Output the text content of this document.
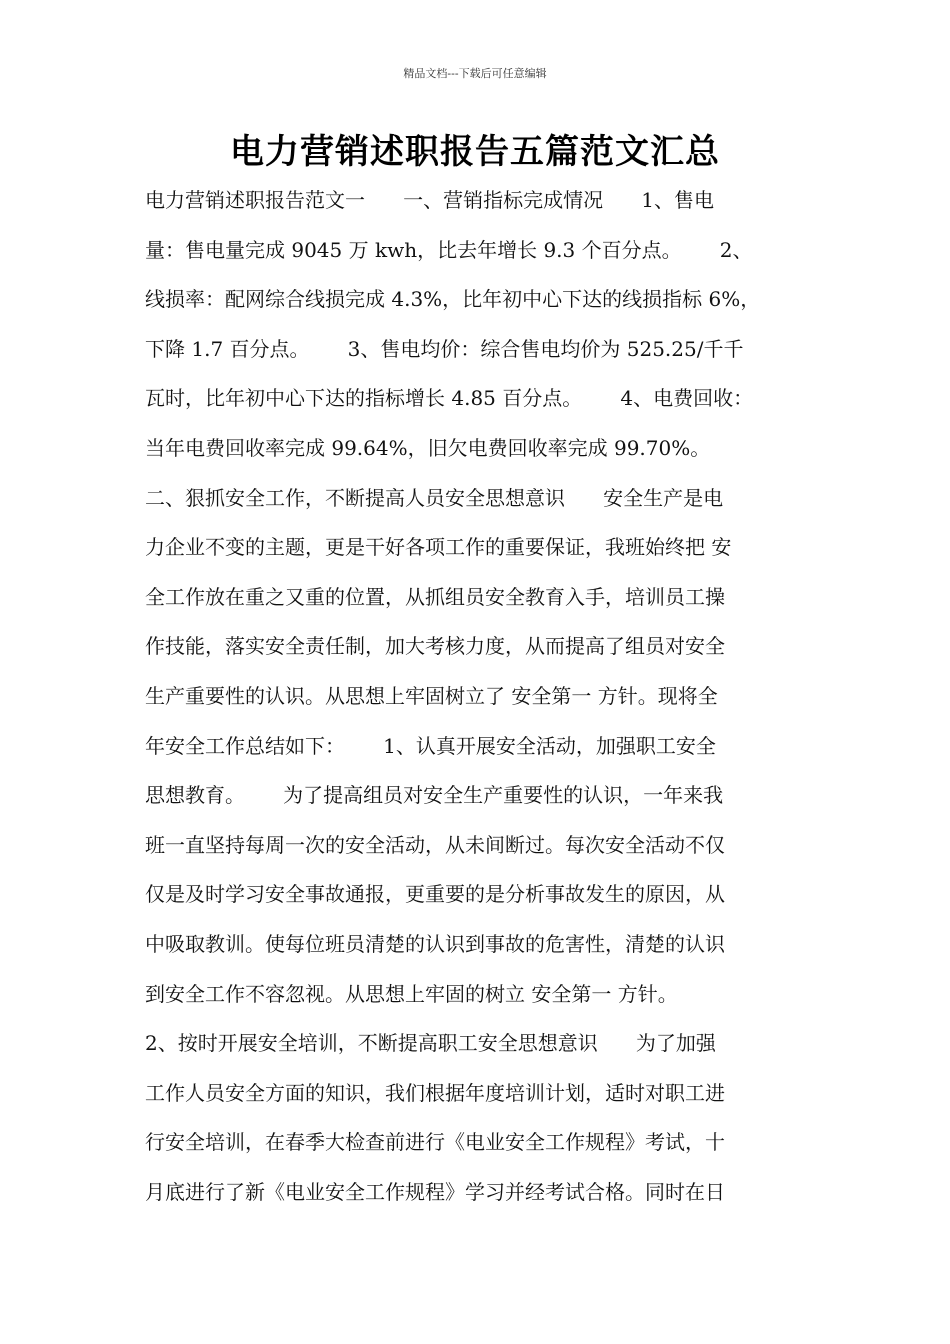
精品文档---下载后可任意编辑
电力营销述职报告五篇范文汇总
电力营销述职报告范文一      一、营销指标完成情况      1、售电
量：售电量完成 9045 万 kwh，比去年增长 9.3 个百分点。      2、
线损率：配网综合线损完成 4.3%，比年初中心下达的线损指标 6%，
下降 1.7 百分点。      3、售电均价：综合售电均价为 525.25/千千
瓦时，比年初中心下达的指标增长 4.85 百分点。      4、电费回收：
当年电费回收率完成 99.64%，旧欠电费回收率完成 99.70%。
二、狠抓安全工作，不断提高人员安全思想意识      安全生产是电
力企业不变的主题，更是干好各项工作的重要保证，我班始终把 安
全工作放在重之又重的位置，从抓组员安全教育入手，培训员工操
作技能，落实安全责任制，加大考核力度，从而提高了组员对安全
生产重要性的认识。从思想上牢固树立了 安全第一 方针。现将全
年安全工作总结如下：      1、认真开展安全活动，加强职工安全
思想教育。      为了提高组员对安全生产重要性的认识，一年来我
班一直坚持每周一次的安全活动，从未间断过。每次安全活动不仅
仅是及时学习安全事故通报，更重要的是分析事故发生的原因，从
中吸取教训。使每位班员清楚的认识到事故的危害性，清楚的认识
到安全工作不容忽视。从思想上牢固的树立 安全第一 方针。
2、按时开展安全培训，不断提高职工安全思想意识      为了加强
工作人员安全方面的知识，我们根据年度培训计划，适时对职工进
行安全培训，在春季大检查前进行《电业安全工作规程》考试，十
月底进行了新《电业安全工作规程》学习并经考试合格。同时在日
